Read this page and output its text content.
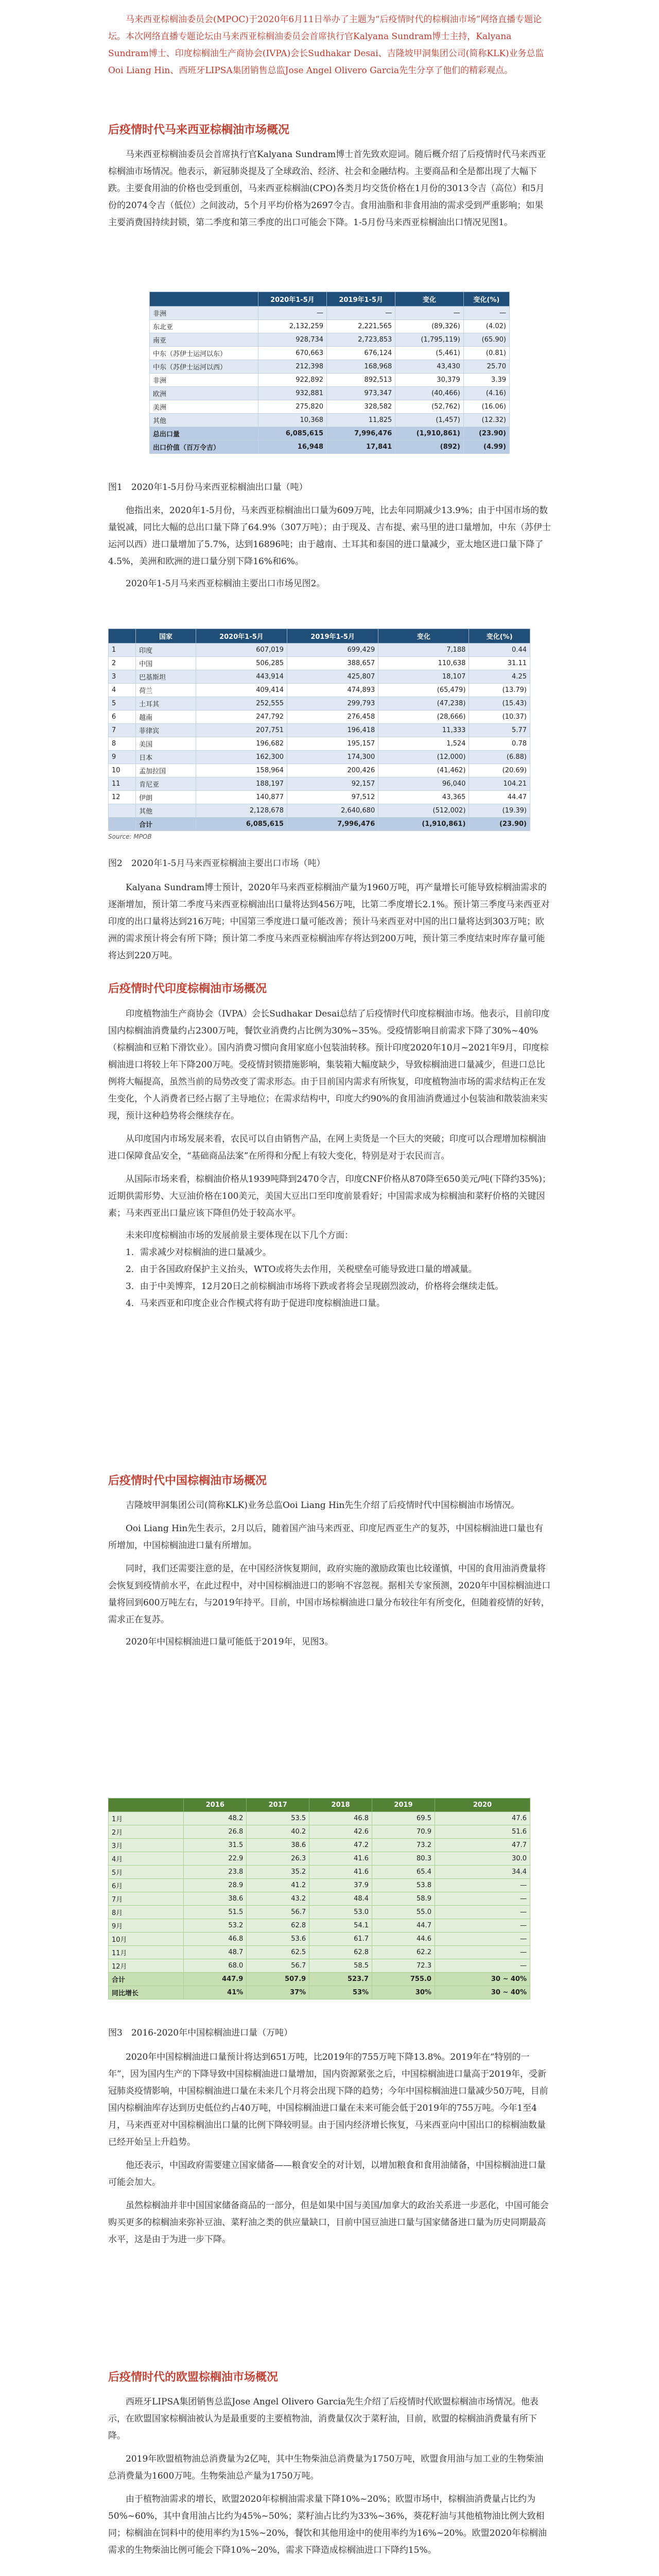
马来西亚棕榈油委员会(MPOC)于2020年6月11日举办了主题为“后疫情时代的棕榈油市场”网络直播专题论坛。本次网络直播专题论坛由马来西亚棕榈油委员会首席执行官Kalyana Sundram博士主持，Kalyana Sundram博士、印度棕榈油生产商协会(IVPA)会长Sudhakar Desai、吉隆坡甲洞集团公司(简称KLK)业务总监Ooi Liang Hin、西班牙LIPSA集团销售总监Jose Angel Olivero Garcia先生分享了他们的精彩观点。

后疫情时代马来西亚棕榈油市场概况

马来西亚棕榈油委员会首席执行官Kalyana Sundram博士首先致欢迎词。随后概介绍了后疫情时代马来西亚棕榈油市场情况。他表示，新冠肺炎提及了全球政治、经济、社会和金融结构。主要商品和全是都出现了大幅下跌。主要食用油的价格也受到重创，马来西亚棕榈油(CPO)各类月均交货价格在1月份的3013令吉（高位）和5月份的2074令吉（低位）之间波动，5个月平均价格为2697令吉。食用油脂和非食用油的需求受到严重影响；如果主要消费国持续封锁，第二季度和第三季度的出口可能会下降。1-5月份马来西亚棕榈油出口情况见图1。

	2020年1-5月	2019年1-5月	变化	变化(%)
非洲	—	—	—	—
东北亚	2,132,259	2,221,565	(89,326)	(4.02)
南亚	928,734	2,723,853	(1,795,119)	(65.90)
中东（苏伊士运河以东）	670,663	676,124	(5,461)	(0.81)
中东（苏伊士运河以西）	212,398	168,968	43,430	25.70
非洲	922,892	892,513	30,379	3.39
欧洲	932,881	973,347	(40,466)	(4.16)
美洲	275,820	328,582	(52,762)	(16.06)
其他	10,368	11,825	(1,457)	(12.32)
总出口量	6,085,615	7,996,476	(1,910,861)	(23.90)
出口价值（百万令吉）	16,948	17,841	(892)	(4.99)

图1　2020年1-5月份马来西亚棕榈油出口量（吨）

他指出来，2020年1-5月份，马来西亚棕榈油出口量为609万吨，比去年同期减少13.9%；由于中国市场的数量锐减，同比大幅的总出口量下降了64.9%（307万吨）；由于现及、吉布提、索马里的进口量增加，中东（苏伊士运河以西）进口量增加了5.7%，达到16896吨；由于越南、土耳其和泰国的进口量减少，亚太地区进口量下降了4.5%，美洲和欧洲的进口量分别下降16%和6%。

2020年1-5月马来西亚棕榈油主要出口市场见图2。

	国家	2020年1-5月	2019年1-5月	变化	变化(%)
1	印度	607,019	699,429	7,188	0.44
2	中国	506,285	388,657	110,638	31.11
3	巴基斯坦	443,914	425,807	18,107	4.25
4	荷兰	409,414	474,893	(65,479)	(13.79)
5	土耳其	252,555	299,793	(47,238)	(15.43)
6	越南	247,792	276,458	(28,666)	(10.37)
7	菲律宾	207,751	196,418	11,333	5.77
8	美国	196,682	195,157	1,524	0.78
9	日本	162,300	174,300	(12,000)	(6.88)
10	孟加拉国	158,964	200,426	(41,462)	(20.69)
11	肯尼亚	188,197	92,157	96,040	104.21
12	伊朗	140,877	97,512	43,365	44.47
	其他	2,128,678	2,640,680	(512,002)	(19.39)
	合计	6,085,615	7,996,476	(1,910,861)	(23.90)
Source: MPOB

图2　2020年1-5月马来西亚棕榈油主要出口市场（吨）

Kalyana Sundram博士预计，2020年马来西亚棕榈油产量为1960万吨，再产量增长可能导致棕榈油需求的逐渐增加，预计第二季度马来西亚棕榈油出口量将达到456万吨，比第二季度增长2.1%。预计第三季度马来西亚对印度的出口量将达到216万吨；中国第三季度进口量可能改善；预计马来西亚对中国的出口量将达到303万吨；欧洲的需求预计将会有所下降；预计第二季度马来西亚棕榈油库存将达到200万吨，预计第三季度结束时库存量可能将达到220万吨。

后疫情时代印度棕榈油市场概况

印度植物油生产商协会（IVPA）会长Sudhakar Desai总结了后疫情时代印度棕榈油市场。他表示，目前印度国内棕榈油消费量约占2300万吨，餐饮业消费约占比例为30%~35%。受疫情影响目前需求下降了30%~40%（棕榈油和豆粕下滑饮业）。国内消费习惯向食用家庭小包装油转移。预计印度2020年10月~2021年9月，印度棕榈油进口将较上年下降200万吨。受疫情封锁措施影响，集装箱大幅度缺少，导致棕榈油进口量减少，但进口总比例将大幅提高，虽然当前的局势改变了需求形态。由于目前国内需求有所恢复，印度植物油市场的需求结构正在发生变化，个人消费者已经占据了主导地位；在需求结构中，印度大约90%的食用油消费通过小包装油和散装油来实现，预计这种趋势将会继续存在。

从印度国内市场发展来看，农民可以自由销售产品，在网上卖货是一个巨大的突破；印度可以合理增加棕榈油进口保障食品安全，“基础商品法案”在所得和分配上有较大变化，特别是对于农民而言。

从国际市场来看，棕榈油价格从1939吨降到2470令吉，印度CNF价格从870降至650美元/吨(下降约35%)；近期供需形势、大豆油价格在100美元，美国大豆出口至印度前景看好；中国需求成为棕榈油和菜籽价格的关键因素；马来西亚出口量应该下降但仍处于较高水平。

未来印度棕榈油市场的发展前景主要体现在以下几个方面：

1．需求减少对棕榈油的进口量减少。

2．由于各国政府保护主义抬头，WTO或将失去作用，关税壁垒可能导致进口量的增减量。

3．由于中美博弈，12月20日之前棕榈油市场将下跌或者将会呈现剧烈波动，价格将会继续走低。

4．马来西亚和印度企业合作模式将有助于促进印度棕榈油进口量。

后疫情时代中国棕榈油市场概况

吉隆坡甲洞集团公司(简称KLK)业务总监Ooi Liang Hin先生介绍了后疫情时代中国棕榈油市场情况。

Ooi Liang Hin先生表示，2月以后，随着国产油马来西亚、印度尼西亚生产的复苏，中国棕榈油进口量也有所增加，中国棕榈油进口量有所增加。

同时，我们还需要注意的是，在中国经济恢复期间，政府实施的激励政策也比较谨慎，中国的食用油消费量将会恢复到疫情前水平，在此过程中，对中国棕榈油进口的影响不容忽视。据相关专家预测，2020年中国棕榈油进口量将回到600万吨左右，与2019年持平。目前，中国市场棕榈油进口量分布较往年有所变化，但随着疫情的好转，需求正在复苏。

2020年中国棕榈油进口量可能低于2019年，见图3。

	2016	2017	2018	2019	2020
1月	48.2	53.5	46.8	69.5	47.6
2月	26.8	40.2	42.6	70.9	51.6
3月	31.5	38.6	47.2	73.2	47.7
4月	22.9	26.3	41.6	80.3	30.0
5月	23.8	35.2	41.6	65.4	34.4
6月	28.9	41.2	37.9	53.8	—
7月	38.6	43.2	48.4	58.9	—
8月	51.5	56.7	53.0	55.0	—
9月	53.2	62.8	54.1	44.7	—
10月	46.8	53.6	61.7	44.6	—
11月	48.7	62.5	62.8	62.2	—
12月	68.0	56.7	58.5	72.3	—
合计	447.9	507.9	523.7	755.0	30 ~ 40%
同比增长	41%	37%	53%	30%	30 ~ 40%

图3　2016-2020年中国棕榈油进口量（万吨）

2020年中国棕榈油进口量预计将达到651万吨，比2019年的755万吨下降13.8%。2019年在“特别的一年”，因为国内生产的下降导致中国棕榈油进口量增加，国内资源紧张之后，中国棕榈油进口量高于2019年，受新冠肺炎疫情影响，中国棕榈油进口量在未来几个月将会出现下降的趋势；今年中国棕榈油进口量减少50万吨，目前国内棕榈油库存达到历史低位约占40万吨，中国棕榈油进口量在未来可能会低于2019年的755万吨。今年1至4月，马来西亚对中国棕榈油出口量的比例下降较明显。由于国内经济增长恢复，马来西亚向中国出口的棕榈油数量已经开始呈上升趋势。

他还表示，中国政府需要建立国家储备——粮食安全的对计划，以增加粮食和食用油储备，中国棕榈油进口量可能会加大。

虽然棕榈油并非中国国家储备商品的一部分，但是如果中国与美国/加拿大的政治关系进一步恶化，中国可能会购买更多的棕榈油来弥补豆油、菜籽油之类的供应量缺口，目前中国豆油进口量与国家储备进口量为历史同期最高水平，这是由于为进一步下降。

后疫情时代的欧盟棕榈油市场概况

西班牙LIPSA集团销售总监Jose Angel Olivero Garcia先生介绍了后疫情时代欧盟棕榈油市场情况。他表示，在欧盟国家棕榈油被认为是最重要的主要植物油，消费量仅次于菜籽油，目前，欧盟的棕榈油消费量有所下降。

2019年欧盟植物油总消费量为2亿吨，其中生物柴油总消费量为1750万吨，欧盟食用油与加工业的生物柴油总消费量为1600万吨。生物柴油总产量为1750万吨。

由于植物油需求的增长，欧盟2020年棕榈油需求量下降10%~20%；欧盟市场中，棕榈油消费量占比约为50%~60%，其中食用油占比约为45%~50%；菜籽油占比约为33%~36%，葵花籽油与其他植物油比例大致相同；棕榈油在饲料中的使用率约为15%~20%，餐饮和其他用途中的使用率约为16%~20%。欧盟2020年棕榈油需求的生物柴油比例可能会下降10%~20%，需求下降造成棕榈油进口下降约15%。
